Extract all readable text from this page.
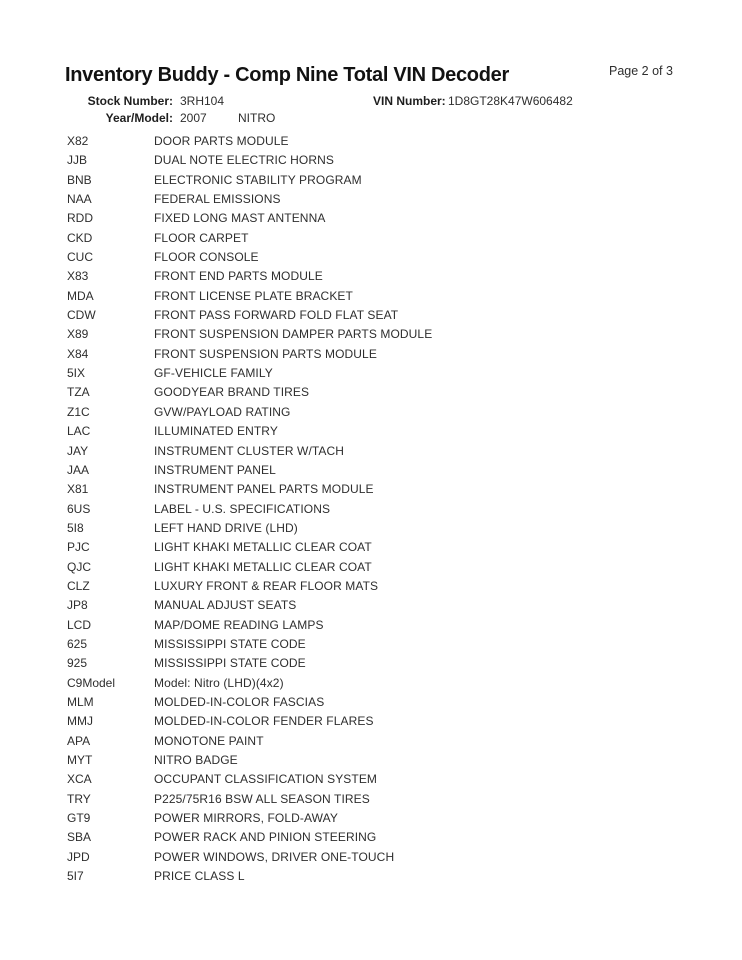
Inventory Buddy - Comp Nine Total VIN Decoder	Page 2 of 3
Stock Number: 3RH104	VIN Number: 1D8GT28K47W606482
Year/Model: 2007	NITRO
X82	DOOR PARTS MODULE
JJB	DUAL NOTE ELECTRIC HORNS
BNB	ELECTRONIC STABILITY PROGRAM
NAA	FEDERAL EMISSIONS
RDD	FIXED LONG MAST ANTENNA
CKD	FLOOR CARPET
CUC	FLOOR CONSOLE
X83	FRONT END PARTS MODULE
MDA	FRONT LICENSE PLATE BRACKET
CDW	FRONT PASS FORWARD FOLD FLAT SEAT
X89	FRONT SUSPENSION DAMPER PARTS MODULE
X84	FRONT SUSPENSION PARTS MODULE
5IX	GF-VEHICLE FAMILY
TZA	GOODYEAR BRAND TIRES
Z1C	GVW/PAYLOAD RATING
LAC	ILLUMINATED ENTRY
JAY	INSTRUMENT CLUSTER W/TACH
JAA	INSTRUMENT PANEL
X81	INSTRUMENT PANEL PARTS MODULE
6US	LABEL - U.S. SPECIFICATIONS
5I8	LEFT HAND DRIVE (LHD)
PJC	LIGHT KHAKI METALLIC CLEAR COAT
QJC	LIGHT KHAKI METALLIC CLEAR COAT
CLZ	LUXURY FRONT & REAR FLOOR MATS
JP8	MANUAL ADJUST SEATS
LCD	MAP/DOME READING LAMPS
625	MISSISSIPPI STATE CODE
925	MISSISSIPPI STATE CODE
C9Model	Model: Nitro (LHD)(4x2)
MLM	MOLDED-IN-COLOR FASCIAS
MMJ	MOLDED-IN-COLOR FENDER FLARES
APA	MONOTONE PAINT
MYT	NITRO BADGE
XCA	OCCUPANT CLASSIFICATION SYSTEM
TRY	P225/75R16 BSW ALL SEASON TIRES
GT9	POWER MIRRORS, FOLD-AWAY
SBA	POWER RACK AND PINION STEERING
JPD	POWER WINDOWS, DRIVER ONE-TOUCH
5I7	PRICE CLASS L
